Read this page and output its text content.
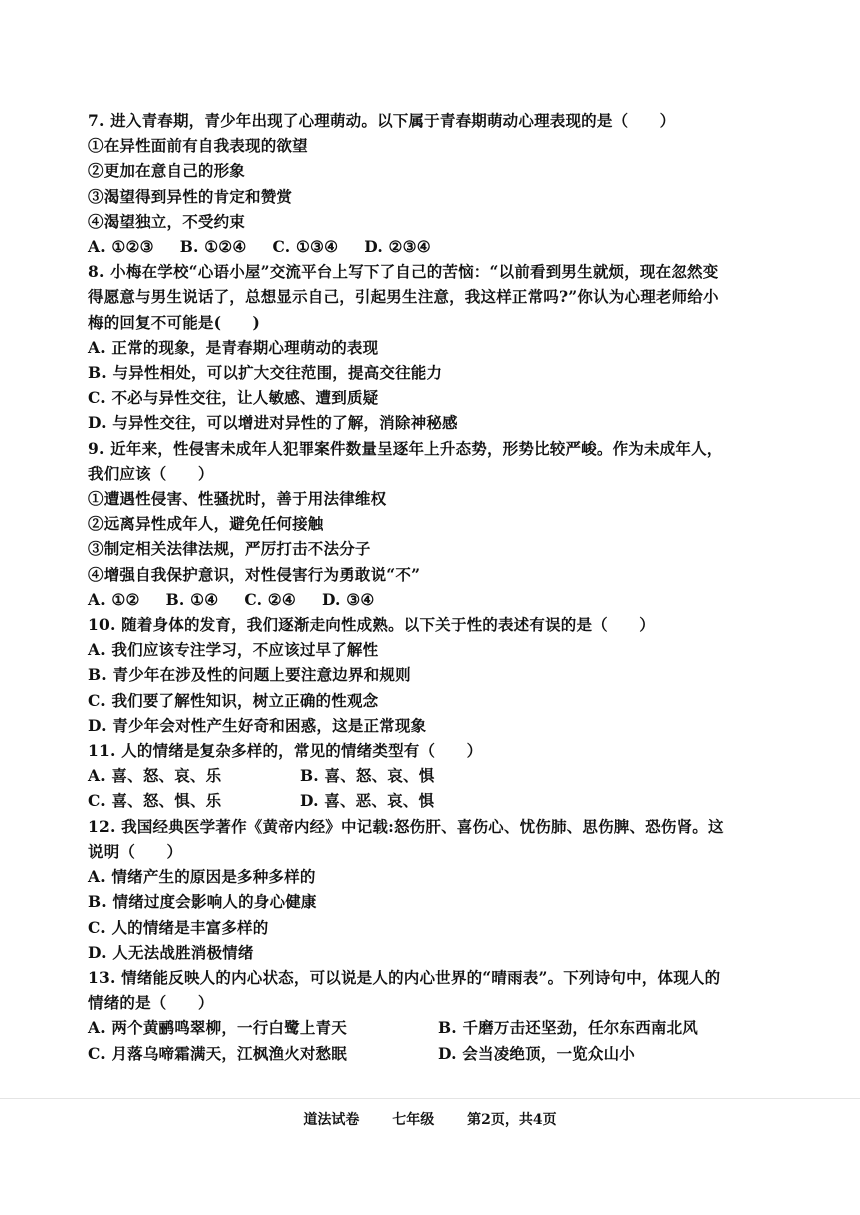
7. 进入青春期，青少年出现了心理萌动。以下属于青春期萌动心理表现的是（　　）
①在异性面前有自我表现的欲望
②更加在意自己的形象
③渴望得到异性的肯定和赞赏
④渴望独立，不受约束
A. ①②③ B. ①②④ C. ①③④ D. ②③④
8. 小梅在学校“心语小屋”交流平台上写下了自己的苦恼：“以前看到男生就烦，现在忽然变
得愿意与男生说话了，总想显示自己，引起男生注意，我这样正常吗?”你认为心理老师给小
梅的回复不可能是(　　)
A. 正常的现象，是青春期心理萌动的表现
B. 与异性相处，可以扩大交往范围，提高交往能力
C. 不必与异性交往，让人敏感、遭到质疑
D. 与异性交往，可以增进对异性的了解，消除神秘感
9. 近年来，性侵害未成年人犯罪案件数量呈逐年上升态势，形势比较严峻。作为未成年人，
我们应该（　　）
①遭遇性侵害、性骚扰时，善于用法律维权
②远离异性成年人，避免任何接触
③制定相关法律法规，严厉打击不法分子
④增强自我保护意识，对性侵害行为勇敢说“不”
A. ①② B. ①④ C. ②④ D. ③④
10. 随着身体的发育，我们逐渐走向性成熟。以下关于性的表述有误的是（　　）
A. 我们应该专注学习，不应该过早了解性
B. 青少年在涉及性的问题上要注意边界和规则
C. 我们要了解性知识，树立正确的性观念
D. 青少年会对性产生好奇和困惑，这是正常现象
11. 人的情绪是复杂多样的，常见的情绪类型有（　　）
A. 喜、怒、哀、乐	B. 喜、怒、哀、惧
C. 喜、怒、惧、乐	D. 喜、恶、哀、惧
12. 我国经典医学著作《黄帝内经》中记载:怒伤肝、喜伤心、忧伤肺、思伤脾、恐伤肾。这
说明（　　）
A. 情绪产生的原因是多种多样的
B. 情绪过度会影响人的身心健康
C. 人的情绪是丰富多样的
D. 人无法战胜消极情绪
13. 情绪能反映人的内心状态，可以说是人的内心世界的“晴雨表”。下列诗句中，体现人的
情绪的是（　　）
A. 两个黄鹂鸣翠柳，一行白鹭上青天	B. 千磨万击还坚劲，任尔东西南北风
C. 月落乌啼霜满天，江枫渔火对愁眠	D. 会当凌绝顶，一览众山小
道法试卷 七年级 第2页，共4页
